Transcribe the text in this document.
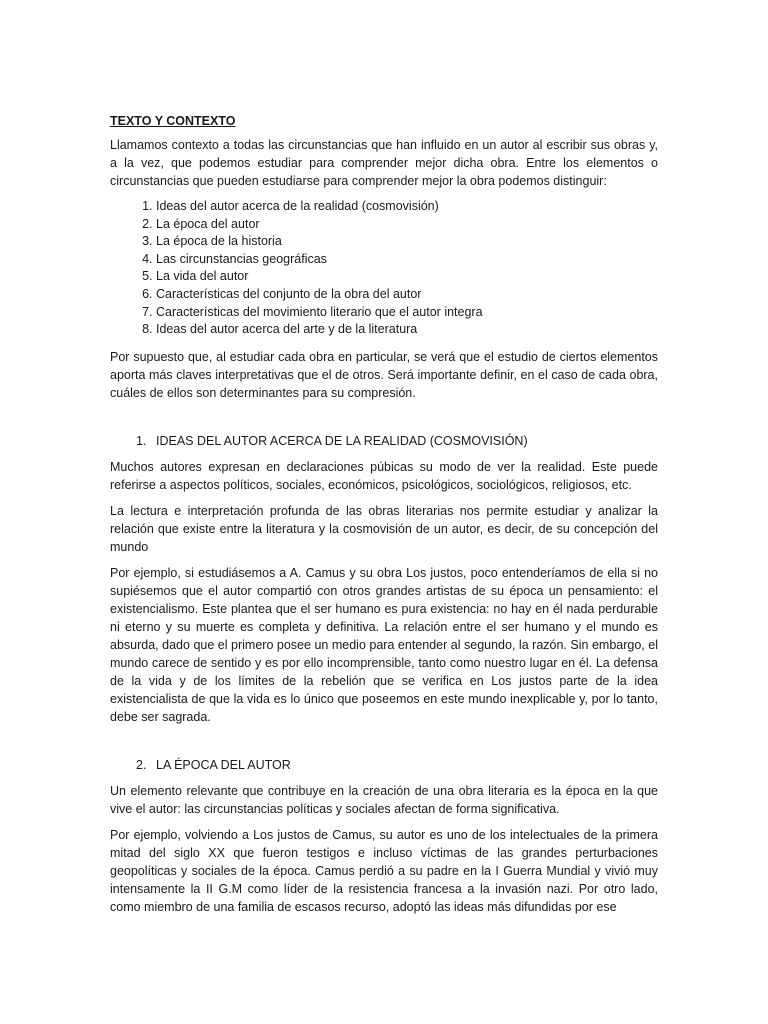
TEXTO Y CONTEXTO

Llamamos contexto a todas las circunstancias que han influido en un autor al escribir sus obras y, a la vez, que podemos estudiar para comprender mejor dicha obra. Entre los elementos o circunstancias que pueden estudiarse para comprender mejor la obra podemos distinguir:

1. Ideas del autor acerca de la realidad (cosmovisión)
2. La época del autor
3. La época de la historia
4. Las circunstancias geográficas
5. La vida del autor
6. Características del conjunto de la obra del autor
7. Características del movimiento literario que el autor integra
8. Ideas del autor acerca del arte y de la literatura

Por supuesto que, al estudiar cada obra en particular, se verá que el estudio de ciertos elementos aporta más claves interpretativas que el de otros. Será importante definir, en el caso de cada obra, cuáles de ellos son determinantes para su compresión.

1. IDEAS DEL AUTOR ACERCA DE LA REALIDAD (COSMOVISIÓN)

Muchos autores expresan en declaraciones púbicas su modo de ver la realidad. Este puede referirse a aspectos políticos, sociales, económicos, psicológicos, sociológicos, religiosos, etc.

La lectura e interpretación profunda de las obras literarias nos permite estudiar y analizar la relación que existe entre la literatura y la cosmovisión de un autor, es decir, de su concepción del mundo

Por ejemplo, si estudiásemos a A. Camus y su obra Los justos, poco entenderíamos de ella si no supiésemos que el autor compartió con otros grandes artistas de su época un pensamiento: el existencialismo. Este plantea que el ser humano es pura existencia: no hay en él nada perdurable ni eterno y su muerte es completa y definitiva. La relación entre el ser humano y el mundo es absurda, dado que el primero posee un medio para entender al segundo, la razón. Sin embargo, el mundo carece de sentido y es por ello incomprensible, tanto como nuestro lugar en él. La defensa de la vida y de los límites de la rebelión que se verifica en Los justos parte de la idea existencialista de que la vida es lo único que poseemos en este mundo inexplicable y, por lo tanto, debe ser sagrada.

2. LA ÉPOCA DEL AUTOR

Un elemento relevante que contribuye en la creación de una obra literaria es la época en la que vive el autor: las circunstancias políticas y sociales afectan de forma significativa.

Por ejemplo, volviendo a Los justos de Camus, su autor es uno de los intelectuales de la primera mitad del siglo XX que fueron testigos e incluso víctimas de las grandes perturbaciones geopolíticas y sociales de la época. Camus perdió a su padre en la I Guerra Mundial y vivió muy intensamente la II G.M como líder de la resistencia francesa a la invasión nazi. Por otro lado, como miembro de una familia de escasos recurso, adoptó las ideas más difundidas por ese
